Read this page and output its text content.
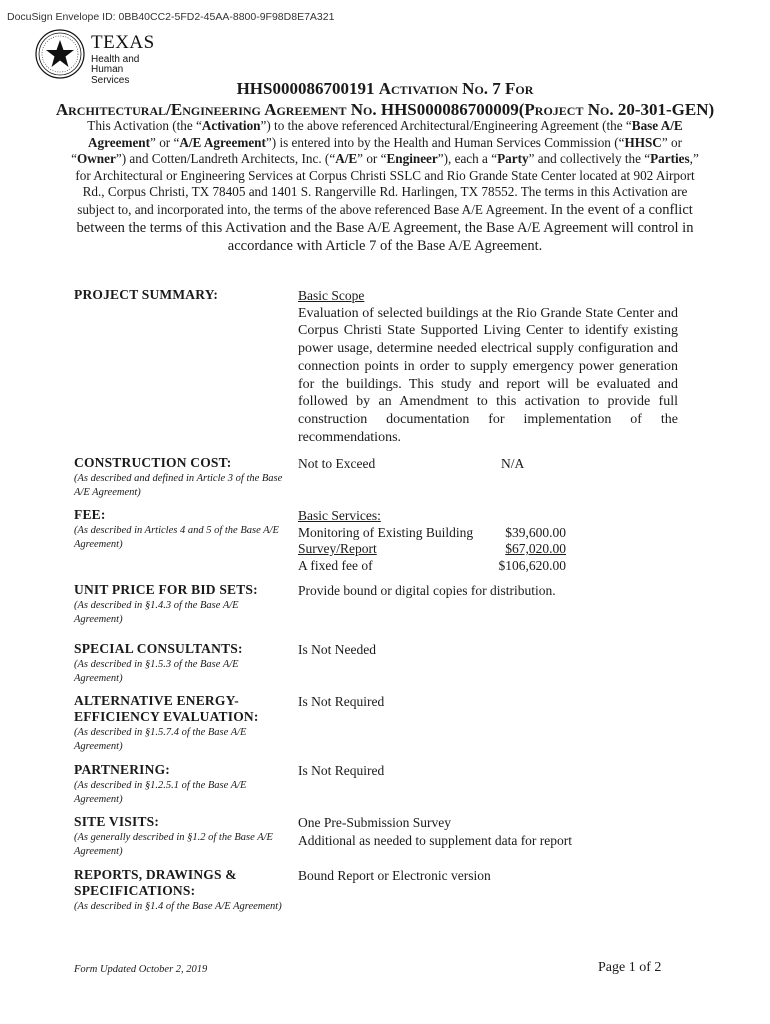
DocuSign Envelope ID: 0BB40CC2-5FD2-45AA-8800-9F98D8E7A321
TEXAS
Health and Human
Services	HHS000086700191 Activation No. 7 For
Architectural/Engineering Agreement No. HHS000086700009(Project No. 20-301-GEN)
This Activation (the “Activation”) to the above referenced Architectural/Engineering Agreement (the “Base A/E Agreement” or “A/E Agreement”) is entered into by the Health and Human Services Commission (“HHSC” or “Owner”) and Cotten/Landreth Architects, Inc. (“A/E” or “Engineer”), each a “Party” and collectively the “Parties,” for Architectural or Engineering Services at Corpus Christi SSLC and Rio Grande State Center located at 902 Airport Rd., Corpus Christi, TX 78405 and 1401 S. Rangerville Rd. Harlingen, TX 78552. The terms in this Activation are subject to, and incorporated into, the terms of the above referenced Base A/E Agreement. In the event of a conflict between the terms of this Activation and the Base A/E Agreement, the Base A/E Agreement will control in accordance with Article 7 of the Base A/E Agreement.
PROJECT SUMMARY:	Basic Scope
Evaluation of selected buildings at the Rio Grande State Center and Corpus Christi State Supported Living Center to identify existing power usage, determine needed electrical supply configuration and connection points in order to supply emergency power generation for the buildings. This study and report will be evaluated and followed by an Amendment to this activation to provide full construction documentation for implementation of the recommendations.
CONSTRUCTION COST:
(As described and defined in Article 3 of the Base A/E Agreement)
Not to Exceed	N/A
FEE:
(As described in Articles 4 and 5 of the Base A/E Agreement)
Basic Services:
Monitoring of Existing Building	$39,600.00
Survey/Report	$67,020.00
A fixed fee of	$106,620.00
UNIT PRICE FOR BID SETS:
(As described in §1.4.3 of the Base A/E Agreement)
Provide bound or digital copies for distribution.
SPECIAL CONSULTANTS:
(As described in §1.5.3 of the Base A/E Agreement)
Is Not Needed
ALTERNATIVE ENERGY-EFFICIENCY EVALUATION:
(As described in §1.5.7.4 of the Base A/E Agreement)
Is Not Required
PARTNERING:
(As described in §1.2.5.1 of the Base A/E Agreement)
Is Not Required
SITE VISITS:
(As generally described in §1.2 of the Base A/E Agreement)
One Pre-Submission Survey
Additional as needed to supplement data for report
REPORTS, DRAWINGS & SPECIFICATIONS:
(As described in §1.4 of the Base A/E Agreement)
Bound Report or Electronic version
Form Updated October 2, 2019	Page 1 of 2
